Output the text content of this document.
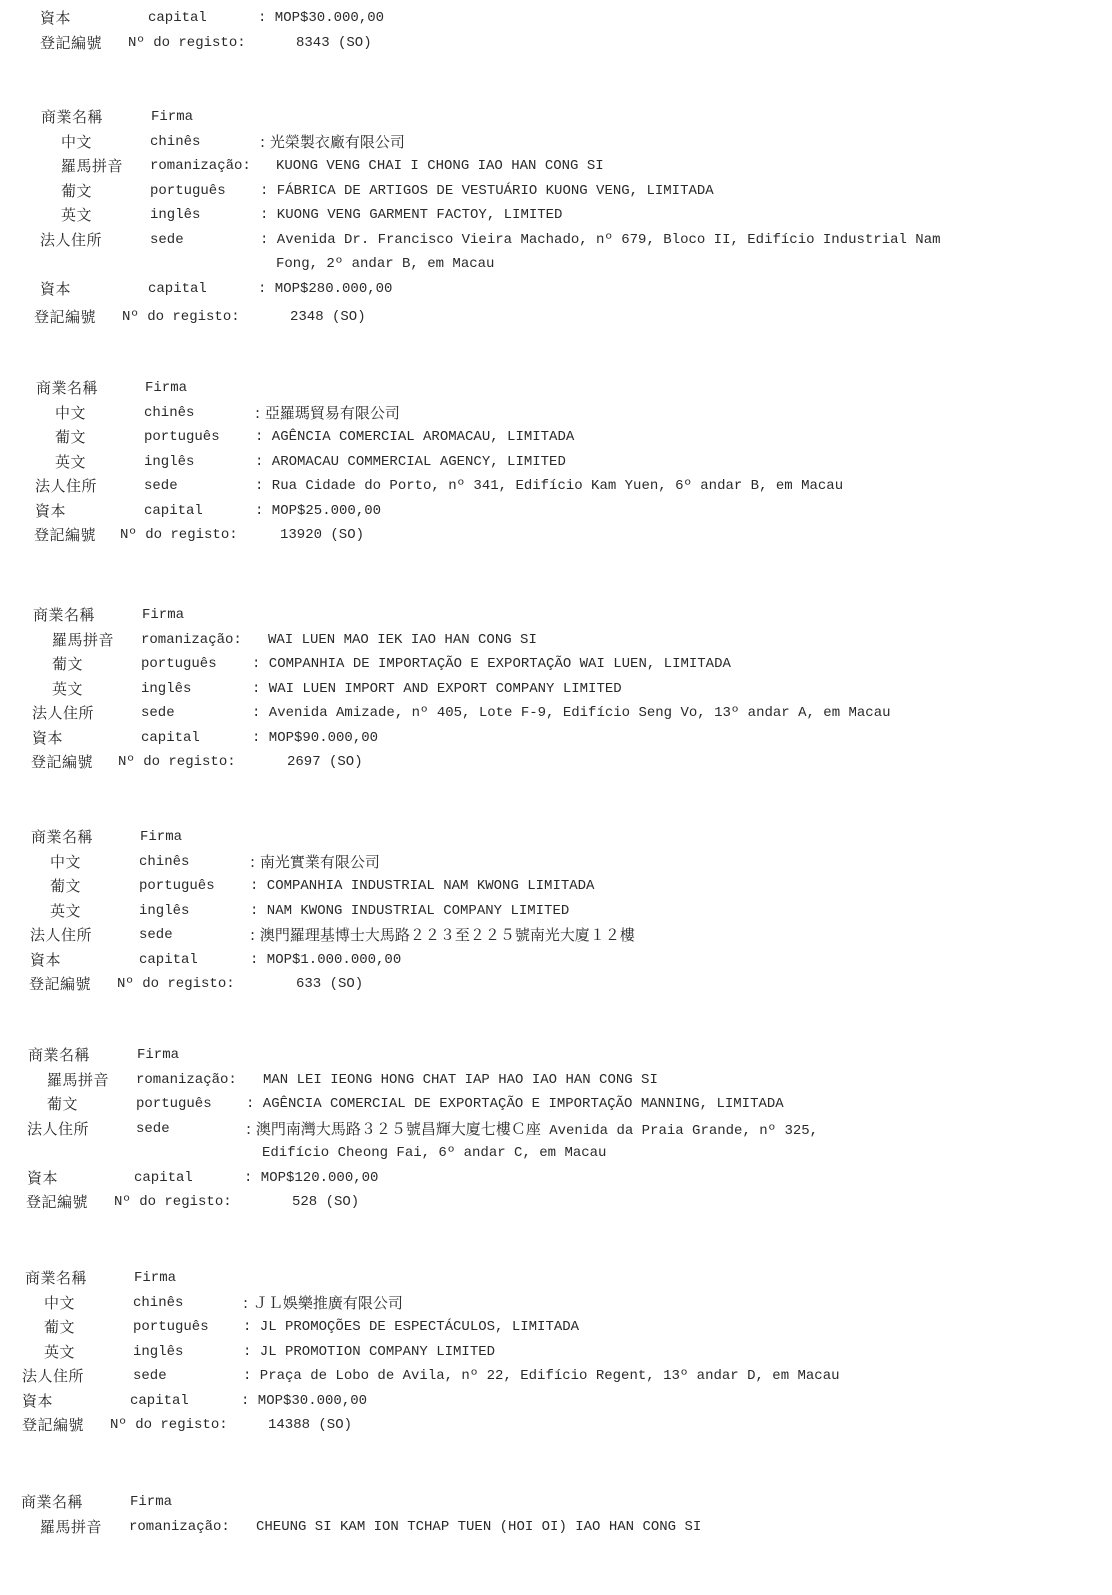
資本	capital	: MOP$30.000,00
登記編號 Nº do registo:	8343 (SO)
商業名稱	Firma
中文	chinês	: 光榮製衣廠有限公司
羅馬拼音 romanização: KUONG VENG CHAI I CHONG IAO HAN CONG SI
葡文	português : FÁBRICA DE ARTIGOS DE VESTUÁRIO KUONG VENG, LIMITADA
英文	inglês	: KUONG VENG GARMENT FACTOY, LIMITED
法人住所	sede	: Avenida Dr. Francisco Vieira Machado, nº 679, Bloco II, Edifício Industrial Nam
Fong, 2º andar B, em Macau
資本	capital	: MOP$280.000,00
登記編號 Nº do registo:	2348 (SO)
商業名稱	Firma
中文	chinês	: 亞羅瑪貿易有限公司
葡文	português	: AGÊNCIA COMERCIAL AROMACAU, LIMITADA
英文	inglês	: AROMACAU COMMERCIAL AGENCY, LIMITED
法人住所	sede	: Rua Cidade do Porto, nº 341, Edifício Kam Yuen, 6º andar B, em Macau
資本	capital	: MOP$25.000,00
登記編號 Nº do registo:	13920 (SO)
商業名稱	Firma
羅馬拼音 romanização: WAI LUEN MAO IEK IAO HAN CONG SI
葡文	português	: COMPANHIA DE IMPORTAÇÃO E EXPORTAÇÃO WAI LUEN, LIMITADA
英文	inglês	: WAI LUEN IMPORT AND EXPORT COMPANY LIMITED
法人住所	sede	: Avenida Amizade, nº 405, Lote F-9, Edifício Seng Vo, 13º andar A, em Macau
資本	capital	: MOP$90.000,00
登記編號 Nº do registo:	2697 (SO)
商業名稱	Firma
中文	chinês	: 南光實業有限公司
葡文	português	: COMPANHIA INDUSTRIAL NAM KWONG LIMITADA
英文	inglês	: NAM KWONG INDUSTRIAL COMPANY LIMITED
法人住所	sede	: 澳門羅理基博士大馬路２２３至２２５號南光大廈１２樓
資本	capital	: MOP$1.000.000,00
登記編號 Nº do registo:	633 (SO)
商業名稱	Firma
羅馬拼音 romanização: MAN LEI IEONG HONG CHAT IAP HAO IAO HAN CONG SI
葡文	português : AGÊNCIA COMERCIAL DE EXPORTAÇÃO E IMPORTAÇÃO MANNING, LIMITADA
法人住所	sede	: 澳門南灣大馬路３２５號昌輝大廈七樓Ｃ座 Avenida da Praia Grande, nº 325,
Edifício Cheong Fai, 6º andar C, em Macau
資本	capital	: MOP$120.000,00
登記編號 Nº do registo:	528 (SO)
商業名稱	Firma
中文	chinês	: ＪＬ娛樂推廣有限公司
葡文	português : JL PROMOÇÕES DE ESPECTÁCULOS, LIMITADA
英文	inglês	: JL PROMOTION COMPANY LIMITED
法人住所	sede	: Praça de Lobo de Avila, nº 22, Edifício Regent, 13º andar D, em Macau
資本	capital	: MOP$30.000,00
登記編號 Nº do registo:	14388 (SO)
商業名稱	Firma
羅馬拼音 romanização: CHEUNG SI KAM ION TCHAP TUEN (HOI OI) IAO HAN CONG SI
